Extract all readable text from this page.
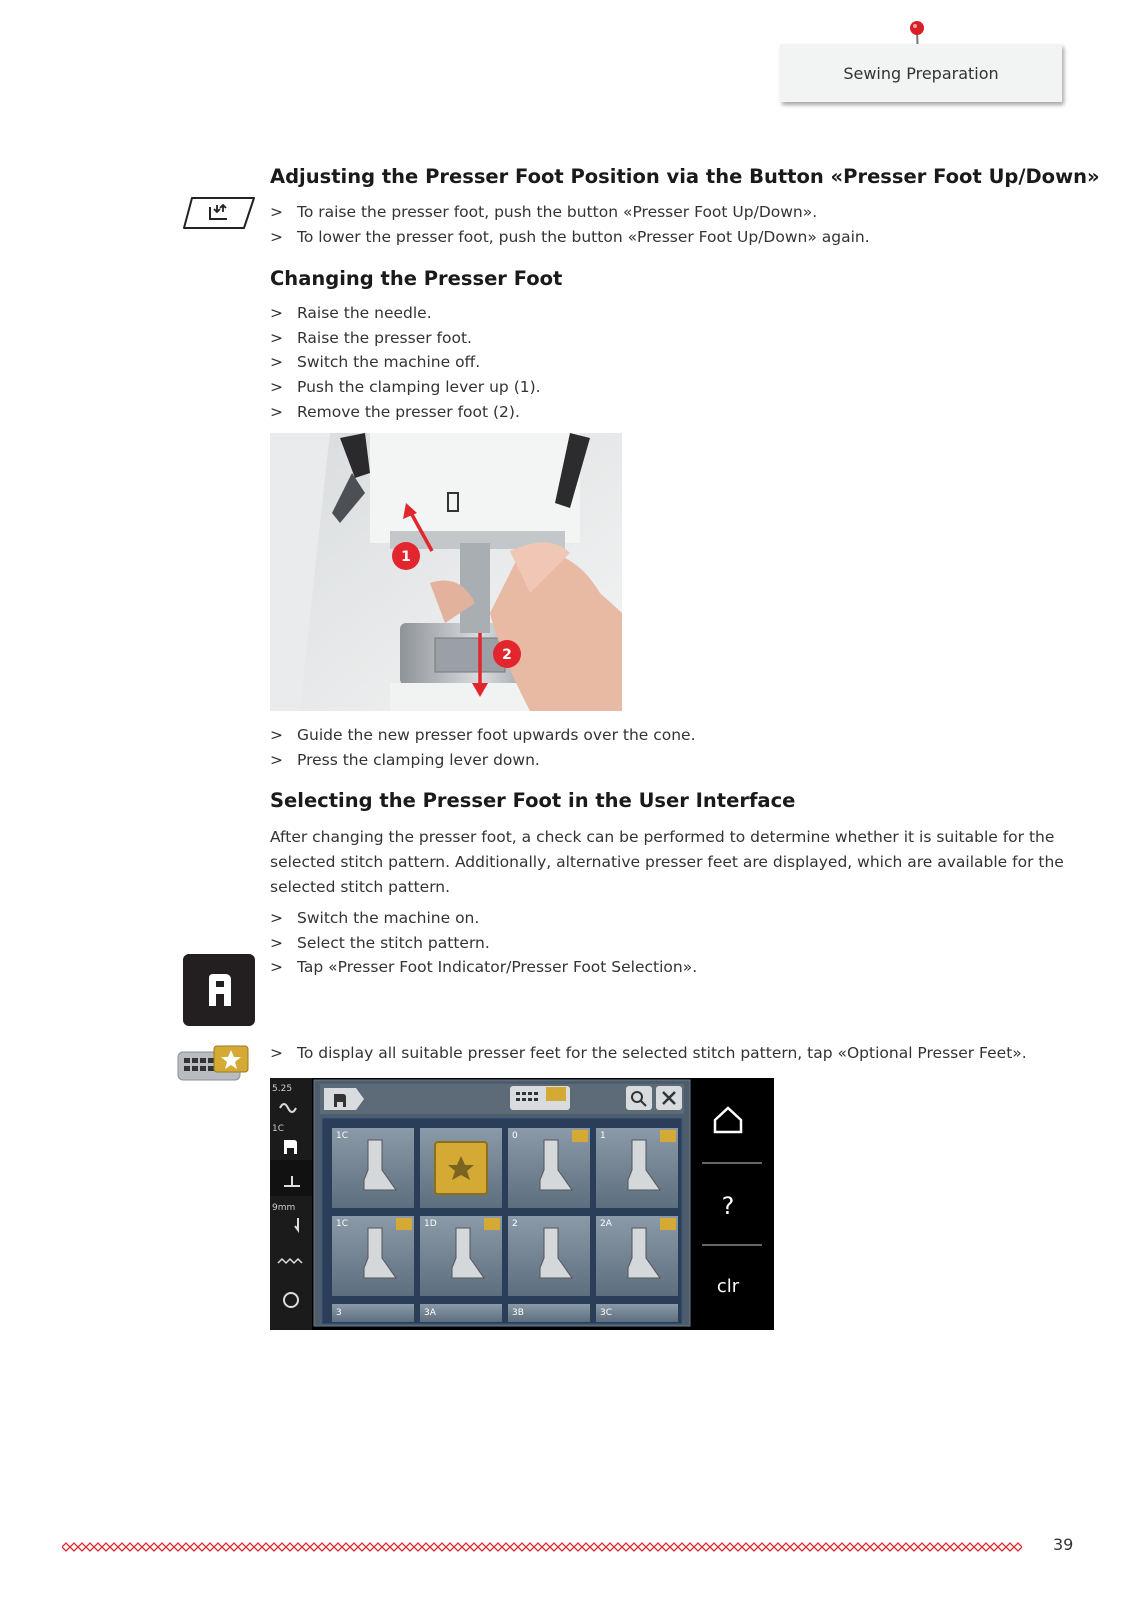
Sewing Preparation
Adjusting the Presser Foot Position via the Button «Presser Foot Up/Down»
> To raise the presser foot, push the button «Presser Foot Up/Down».
> To lower the presser foot, push the button «Presser Foot Up/Down» again.
Changing the Presser Foot
> Raise the needle.
> Raise the presser foot.
> Switch the machine off.
> Push the clamping lever up (1).
> Remove the presser foot (2).
1
2
> Guide the new presser foot upwards over the cone.
> Press the clamping lever down.
Selecting the Presser Foot in the User Interface

After changing the presser foot, a check can be performed to determine whether it is suitable for the selected stitch pattern. Additionally, alternative presser feet are displayed, which are available for the selected stitch pattern.

> Switch the machine on.
> Select the stitch pattern.
> Tap «Presser Foot Indicator/Presser Foot Selection».
> To display all suitable presser feet for the selected stitch pattern, tap «Optional Presser Feet».
5.25
1C
9mm
1C	0	1
1C	1D	2	2A
3	3A	3B	3C
?
clr
39
